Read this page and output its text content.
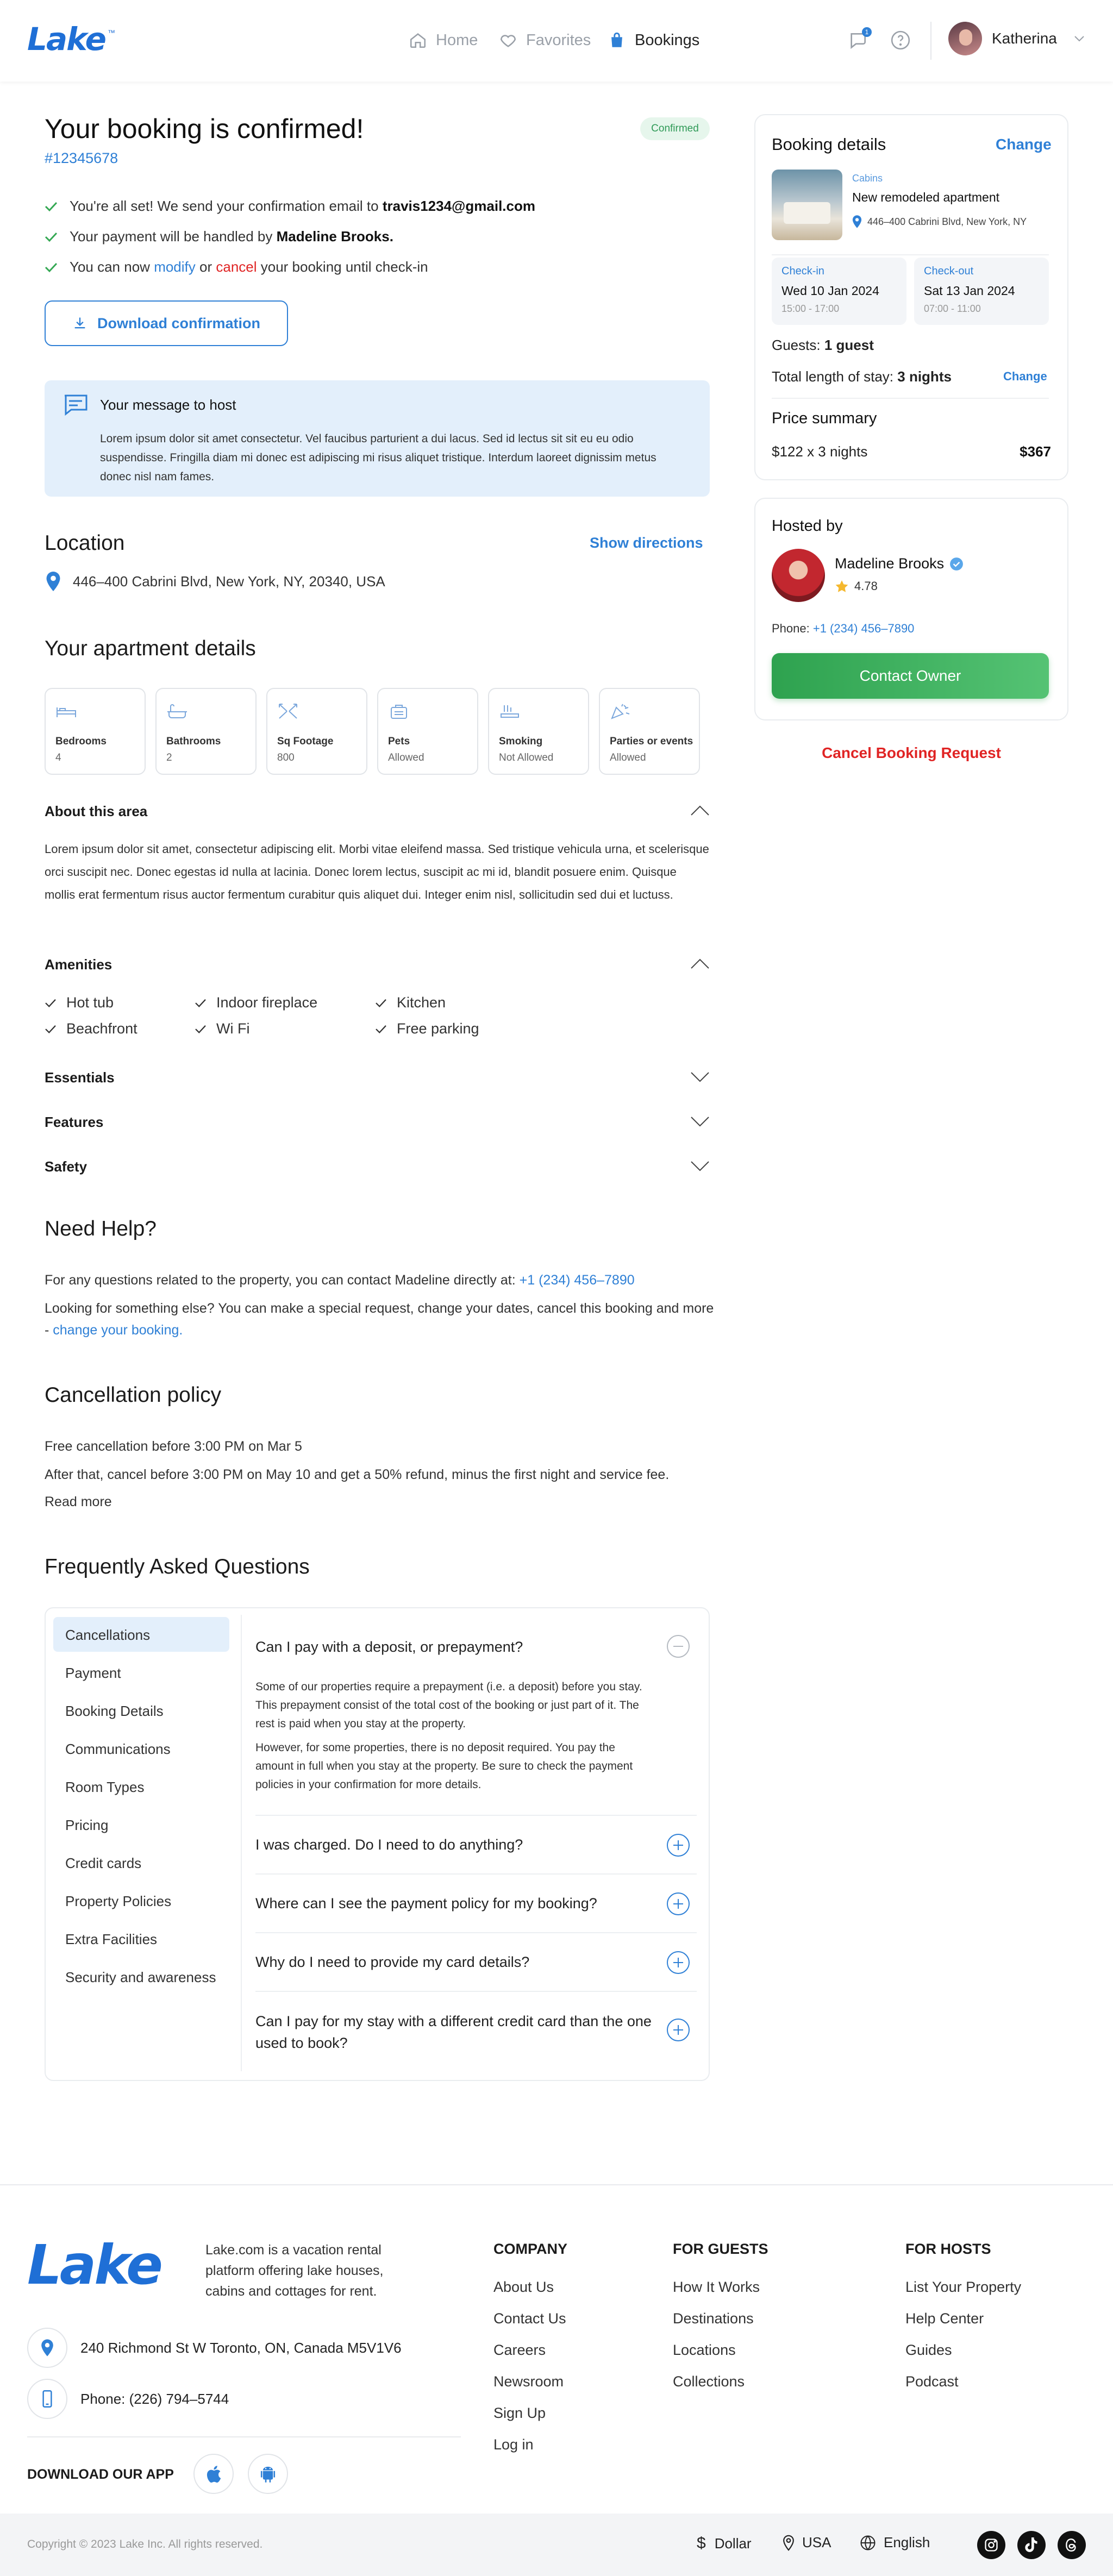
Lake ™	Home	Favorites	Bookings	1	Katherina
Your booking is confirmed!	Confirmed
#12345678
You're all set! We send your confirmation email to travis1234@gmail.com
Your payment will be handled by Madeline Brooks.
You can now modify or cancel your booking until check-in
Download confirmation
Your message to host
Lorem ipsum dolor sit amet consectetur. Vel faucibus parturient a dui lacus. Sed id lectus sit sit eu eu odio suspendisse. Fringilla diam mi donec est adipiscing mi risus aliquet tristique. Interdum laoreet dignissim metus donec nisl nam fames.
Location	Show directions
446–400 Cabrini Blvd, New York, NY, 20340, USA
Your apartment details
Bedrooms
4
Bathrooms
2
Sq Footage
800
Pets
Allowed
Smoking
Not Allowed
Parties or events
Allowed
About this area
Lorem ipsum dolor sit amet, consectetur adipiscing elit. Morbi vitae eleifend massa. Sed tristique vehicula urna, et scelerisque orci suscipit nec. Donec egestas id nulla at lacinia. Donec lorem lectus, suscipit ac mi id, blandit posuere enim. Quisque mollis erat fermentum risus auctor fermentum curabitur quis aliquet dui. Integer enim nisl, sollicitudin sed dui et luctuss.
Amenities
Hot tub	Indoor fireplace	Kitchen
Beachfront	Wi Fi	Free parking
Essentials
Features
Safety
Need Help?
For any questions related to the property, you can contact Madeline directly at: +1 (234) 456–7890
Looking for something else? You can make a special request, change your dates, cancel this booking and more - change your booking.
Cancellation policy
Free cancellation before 3:00 PM on Mar 5
After that, cancel before 3:00 PM on May 10 and get a 50% refund, minus the first night and service fee.
Read more
Frequently Asked Questions
Cancellations
Payment
Booking Details
Communications
Room Types
Pricing
Credit cards
Property Policies
Extra Facilities
Security and awareness
Can I pay with a deposit, or prepayment?
Some of our properties require a prepayment (i.e. a deposit) before you stay. This prepayment consist of the total cost of the booking or just part of it. The rest is paid when you stay at the property.
However, for some properties, there is no deposit required. You pay the amount in full when you stay at the property. Be sure to check the payment policies in your confirmation for more details.
I was charged. Do I need to do anything?
Where can I see the payment policy for my booking?
Why do I need to provide my card details?
Can I pay for my stay with a different credit card than the one used to book?
Booking details	Change
Cabins
New remodeled apartment
446–400 Cabrini Blvd, New York, NY
Check-in
Wed 10 Jan 2024
15:00 - 17:00
Check-out
Sat 13 Jan 2024
07:00 - 11:00
Guests: 1 guest
Total length of stay: 3 nights	Change
Price summary
$122 x 3 nights	$367
Hosted by
Madeline Brooks
4.78
Phone: +1 (234) 456–7890
Contact Owner
Cancel Booking Request
Lake	Lake.com is a vacation rental platform offering lake houses, cabins and cottages for rent.
240 Richmond St W Toronto, ON, Canada M5V1V6
Phone: (226) 794–5744
DOWNLOAD OUR APP
COMPANY
About Us
Contact Us
Careers
Newsroom
Sign Up
Log in
FOR GUESTS
How It Works
Destinations
Locations
Collections
FOR HOSTS
List Your Property
Help Center
Guides
Podcast
Copyright © 2023 Lake Inc. All rights reserved.	$ Dollar	USA	English
